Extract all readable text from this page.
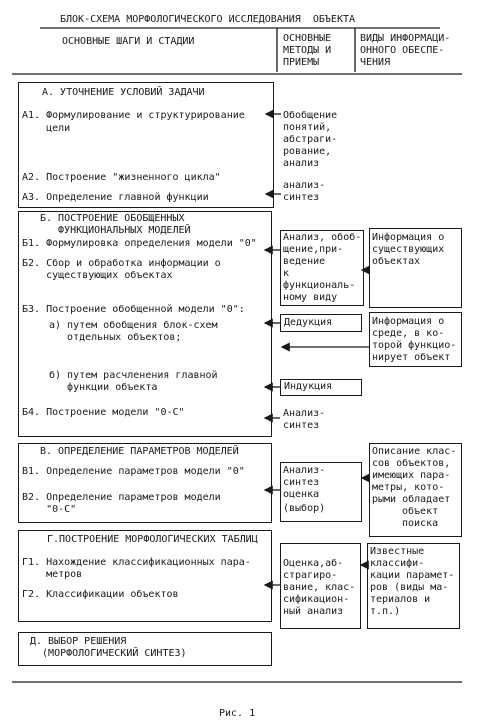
БЛОК-СХЕМА МОРФОЛОГИЧЕСКОГО ИССЛЕДОВАНИЯ  ОБЪЕКТА
ОСНОВНЫЕ ШАГИ И СТАДИИ	ОСНОВНЫЕ
МЕТОДЫ И
ПРИЕМЫ
ВИДЫ ИНФОРМАЦИ-
ОННОГО ОБЕСПЕ-
ЧЕНИЯ
А. УТОЧНЕНИЕ УСЛОВИЙ ЗАДАЧИ
А1. Формулирование и структурирование
цели
А2. Построение "жизненного цикла"
А3. Определение главной функции
Обобщение
понятий,
абстраги-
рование,
анализ
анализ-
синтез
Б. ПОСТРОЕНИЕ ОБОБЩЕННЫХ
ФУНКЦИОНАЛЬНЫХ МОДЕЛЕЙ
Б1. Формулировка определения модели "0"
Б2. Сбор и обработка информации о
существующих объектах
Б3. Построение обобщенной модели "0":
а) путем обобщения блок-схем
отдельных объектов;
б) путем расчленения главной
функции объекта
Б4. Построение модели "0-С"
Анализ, обоб-
щение,при-
ведение
к
функциональ-
ному виду
Дедукция
Индукция
Анализ-
синтез
Информация о
существующих
объектах
Информация о
среде, в ко-
торой функцио-
нирует объект
В. ОПРЕДЕЛЕНИЕ ПАРАМЕТРОВ МОДЕЛЕЙ
В1. Определение параметров модели "0"
В2. Определение параметров модели
"0-С"
Анализ-
синтез
оценка
(выбор)
Описание клас-
сов объектов,
имеющих пара-
метры, кото-
рыми обладает
объект
поиска
Г.ПОСТРОЕНИЕ МОРФОЛОГИЧЕСКИХ ТАБЛИЦ
Г1. Нахождение классификационных пара-
метров
Г2. Классификации объектов
Оценка,аб-
страгиро-
вание, клас-
сификацион-
ный анализ
Известные
классифи-
кации парамет-
ров (виды ма-
териалов и
т.п.)
Д. ВЫБОР РЕШЕНИЯ
(МОРФОЛОГИЧЕСКИЙ СИНТЕЗ)
Рис. 1
